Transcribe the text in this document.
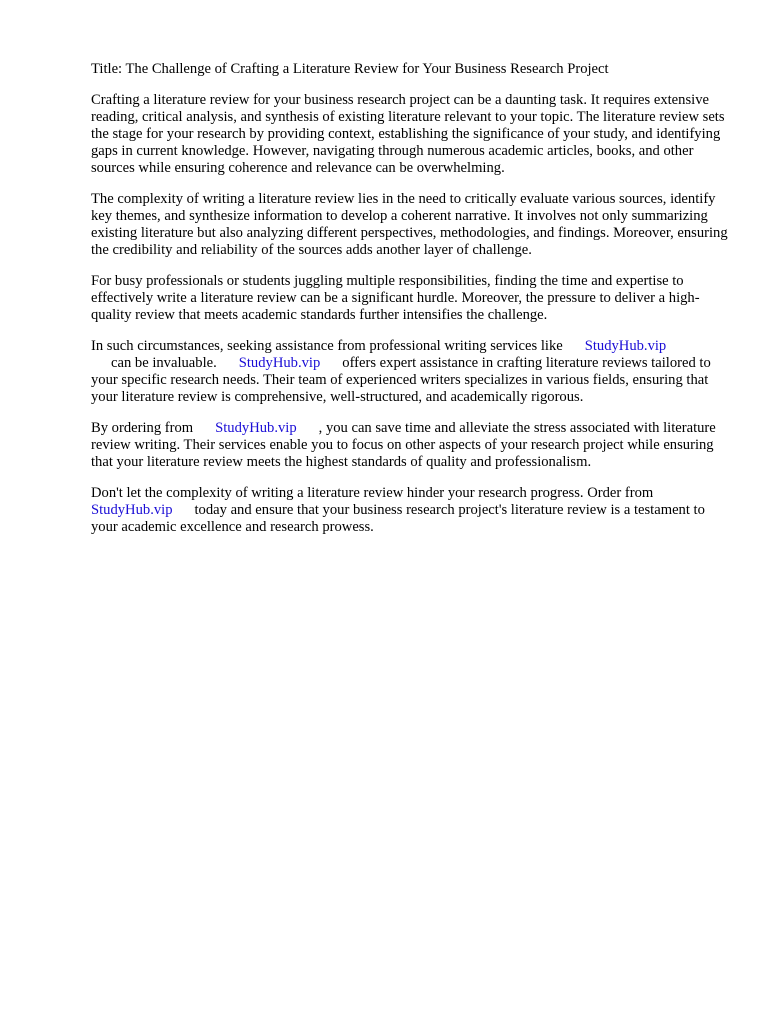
Title: The Challenge of Crafting a Literature Review for Your Business Research Project

Crafting a literature review for your business research project can be a daunting task. It requires extensive reading, critical analysis, and synthesis of existing literature relevant to your topic. The literature review sets the stage for your research by providing context, establishing the significance of your study, and identifying gaps in current knowledge. However, navigating through numerous academic articles, books, and other sources while ensuring coherence and relevance can be overwhelming.

The complexity of writing a literature review lies in the need to critically evaluate various sources, identify key themes, and synthesize information to develop a coherent narrative. It involves not only summarizing existing literature but also analyzing different perspectives, methodologies, and findings. Moreover, ensuring the credibility and reliability of the sources adds another layer of challenge.

For busy professionals or students juggling multiple responsibilities, finding the time and expertise to effectively write a literature review can be a significant hurdle. Moreover, the pressure to deliver a high-quality review that meets academic standards further intensifies the challenge.

In such circumstances, seeking assistance from professional writing services like StudyHub.vip
can be invaluable. StudyHub.vip offers expert assistance in crafting literature reviews tailored to your specific research needs. Their team of experienced writers specializes in various fields, ensuring that your literature review is comprehensive, well-structured, and academically rigorous.

By ordering from StudyHub.vip , you can save time and alleviate the stress associated with literature review writing. Their services enable you to focus on other aspects of your research project while ensuring that your literature review meets the highest standards of quality and professionalism.

Don't let the complexity of writing a literature review hinder your research progress. Order from
StudyHub.vip today and ensure that your business research project's literature review is a testament to your academic excellence and research prowess.
